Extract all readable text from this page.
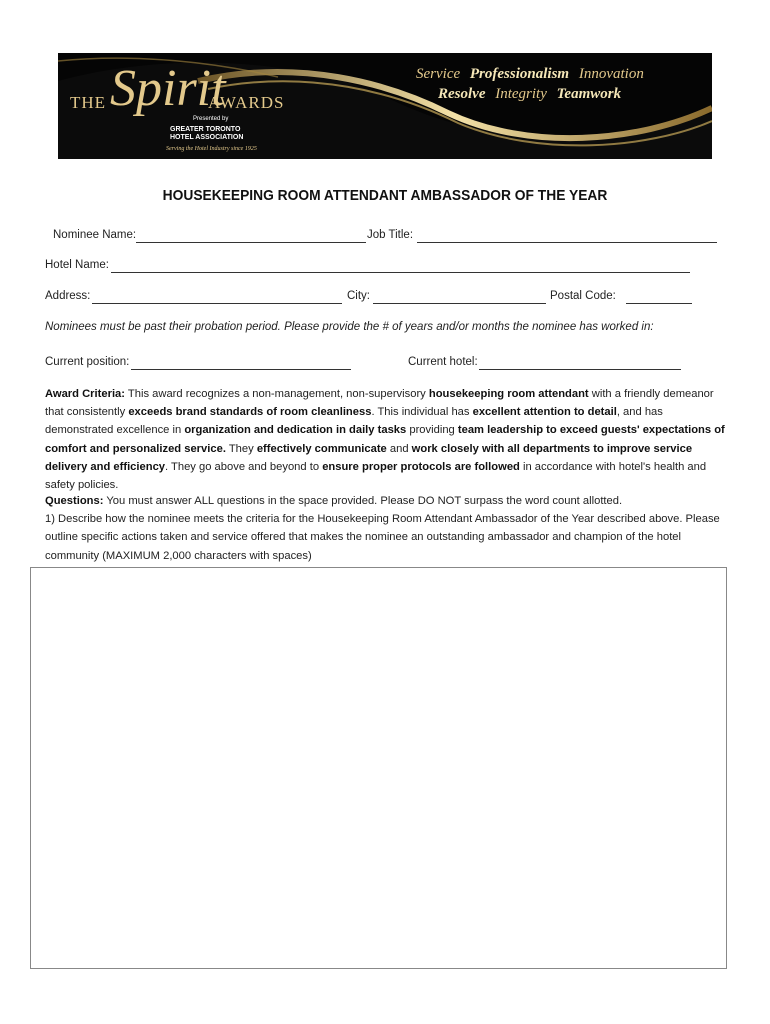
THE Spirit
AWARDS
Presented by
GREATER TORONTO
HOTEL ASSOCIATION
Serving the Hotel Industry since 1925
Service Professionalism Innovation
Resolve Integrity Teamwork
HOUSEKEEPING ROOM ATTENDANT AMBASSADOR OF THE YEAR
Nominee Name:	Job Title:
Hotel Name:
Address:	City:	Postal Code:
Nominees must be past their probation period. Please provide the # of years and/or months the nominee has worked in:
Current position:	Current hotel:
Award Criteria: This award recognizes a non-management, non-supervisory housekeeping room attendant with a friendly demeanor that consistently exceeds brand standards of room cleanliness. This individual has excellent attention to detail, and has demonstrated excellence in organization and dedication in daily tasks providing team leadership to exceed guests' expectations of comfort and personalized service. They effectively communicate and work closely with all departments to improve service delivery and efficiency. They go above and beyond to ensure proper protocols are followed in accordance with hotel's health and safety policies.
Questions: You must answer ALL questions in the space provided. Please DO NOT surpass the word count allotted.
1) Describe how the nominee meets the criteria for the Housekeeping Room Attendant Ambassador of the Year described above. Please outline specific actions taken and service offered that makes the nominee an outstanding ambassador and champion of the hotel community (MAXIMUM 2,000 characters with spaces)
